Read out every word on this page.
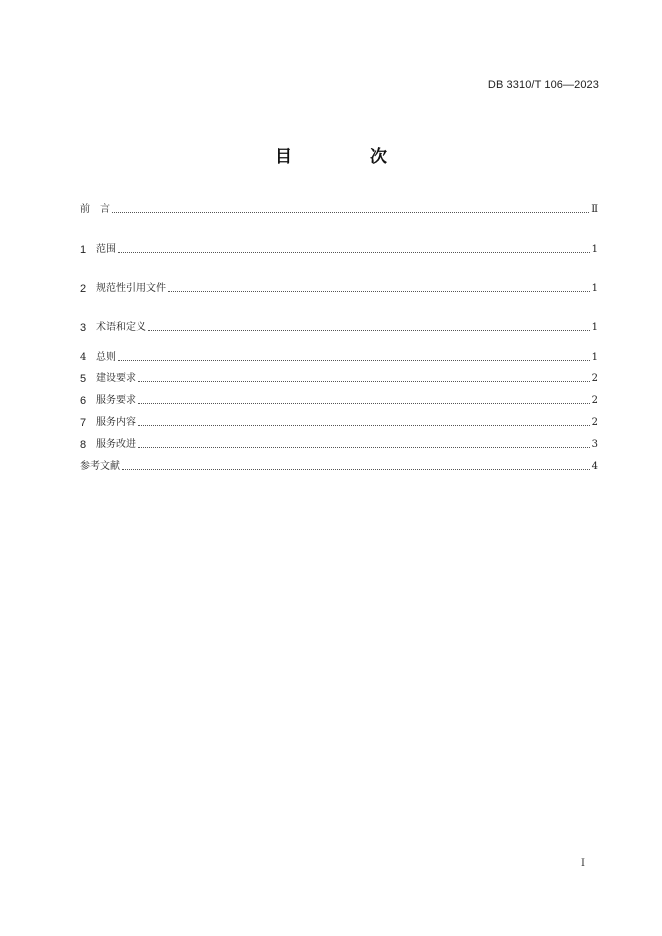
DB 3310/T 106—2023
目 次
前　言	Ⅱ
1 范围	1
2 规范性引用文件	1
3 术语和定义	1
4 总则	1
5 建设要求	2
6 服务要求	2
7 服务内容	2
8 服务改进	3
参考文献	4
I
